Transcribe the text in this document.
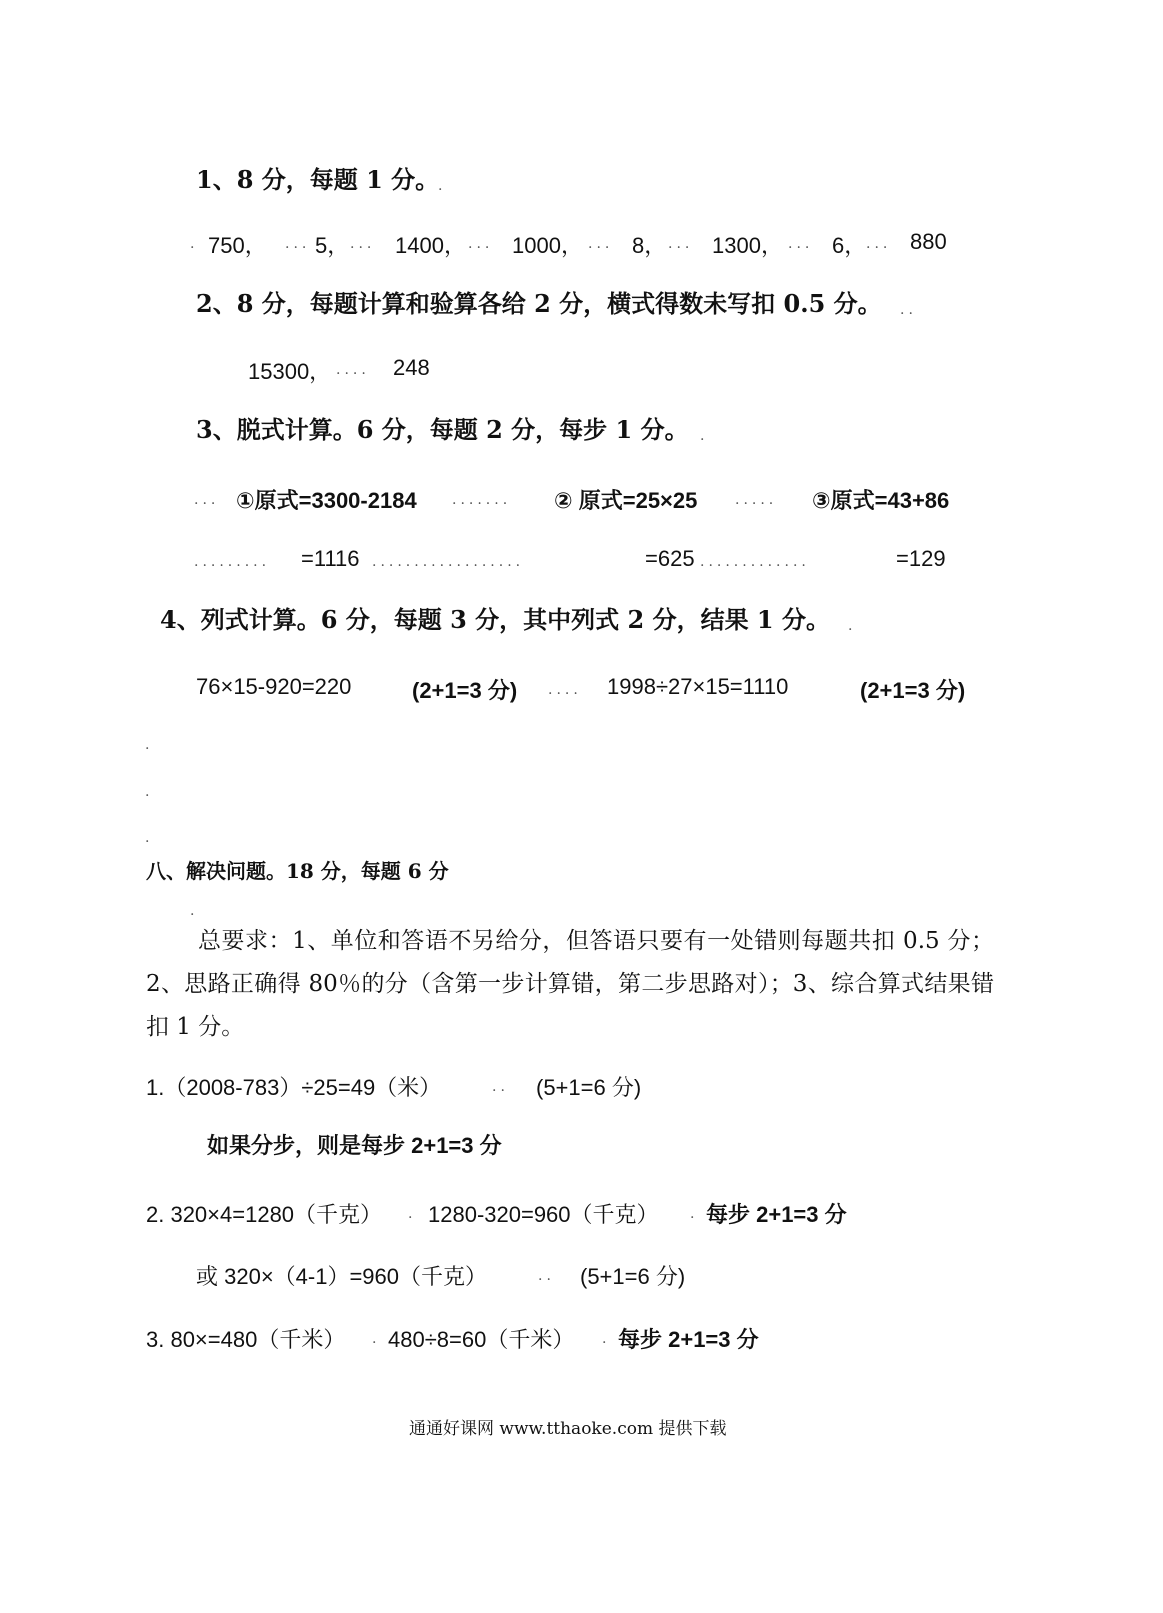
1、8 分，每题 1 分。
.
. 750， ... 5， ... 1400， ... 1000， ... 8， ... 1300， ... 6， ... 880
2、8 分，每题计算和验算各给 2 分，横式得数未写扣 0.5 分。 ..
15300， .... 248
3、脱式计算。6 分，每题 2 分，每步 1 分。 .
... ①原式=3300-2184	....... ② 原式=25×25	..... ③原式=43+86
......... =1116 ..................	=625 .............	=129
4、列式计算。6 分，每题 3 分，其中列式 2 分，结果 1 分。 .
76×15-920=220	(2+1=3 分) .... 1998÷27×15=1110	(2+1=3 分)
.
.
.
八、解决问题。18 分，每题 6 分
.
总要求：1、单位和答语不另给分，但答语只要有一处错则每题共扣 0.5 分；2、思路正确得 80％的分（含第一步计算错，第二步思路对）；3、综合算式结果错扣 1 分。
1.（2008-783）÷25=49（米）	.. (5+1=6 分)
如果分步，则是每步 2+1=3 分
2. 320×4=1280（千克） . 1280-320=960（千克） . 每步 2+1=3 分
或 320×（4-1）=960（千克）	.. (5+1=6 分)
3. 80×=480（千米） . 480÷8=60（千米） . 每步 2+1=3 分
通通好课网 www.tthaoke.com 提供下载
